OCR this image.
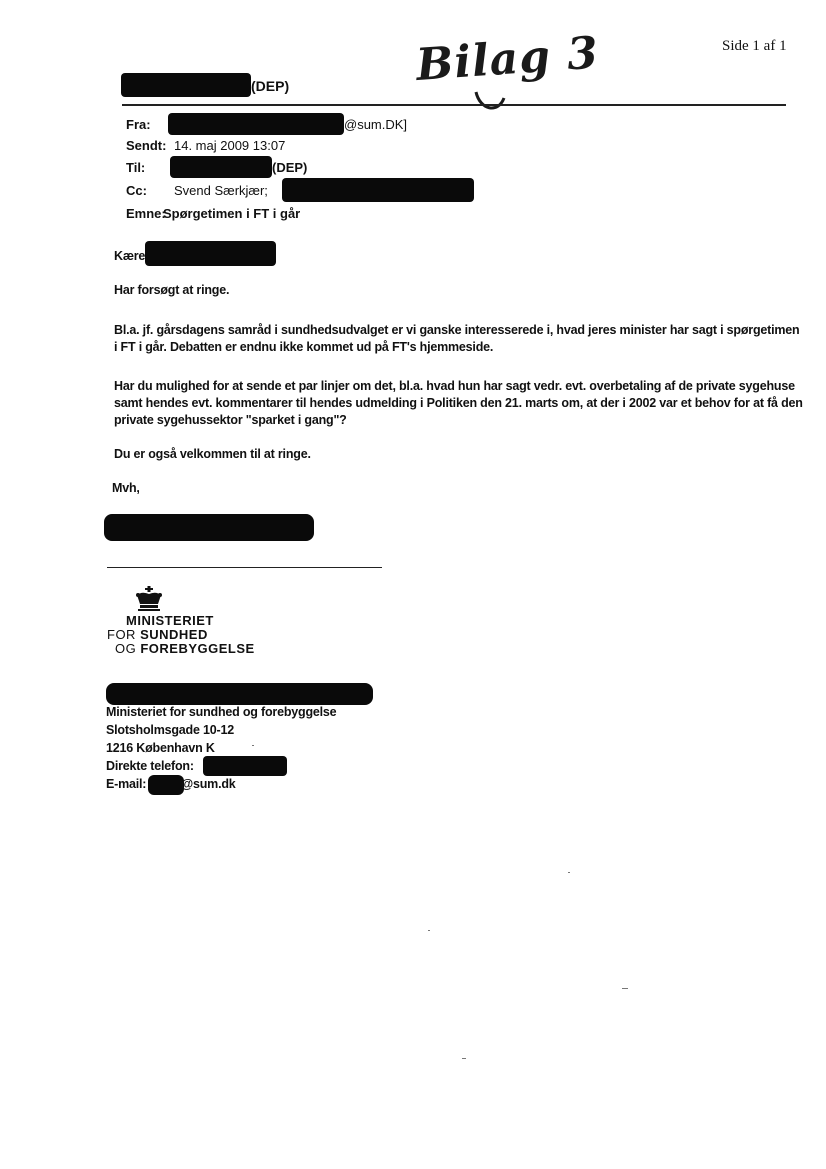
Side 1 af 1
Bilag 3
(DEP)
Fra:	@sum.DK]
Sendt: 14. maj 2009 13:07
Til:	(DEP)
Cc:	Svend Særkjær;
Emne:
Spørgetimen i FT i går
Kære
Har forsøgt at ringe.
Bl.a. jf. gårsdagens samråd i sundhedsudvalget er vi ganske interesserede i, hvad jeres minister har sagt i spørgetimen i FT i går. Debatten er endnu ikke kommet ud på FT's hjemmeside.
Har du mulighed for at sende et par linjer om det, bl.a. hvad hun har sagt vedr. evt. overbetaling af de private sygehuse samt hendes evt. kommentarer til hendes udmelding i Politiken den 21. marts om, at der i 2002 var et behov for at få den private sygehussektor "sparket i gang"?
Du er også velkommen til at ringe.
Mvh,
MINISTERIET
FOR SUNDHED
OG FOREBYGGELSE
Ministeriet for sundhed og forebyggelse
Slotsholmsgade 10-12
1216 København K
Direkte telefon:
E-mail:	@sum.dk
